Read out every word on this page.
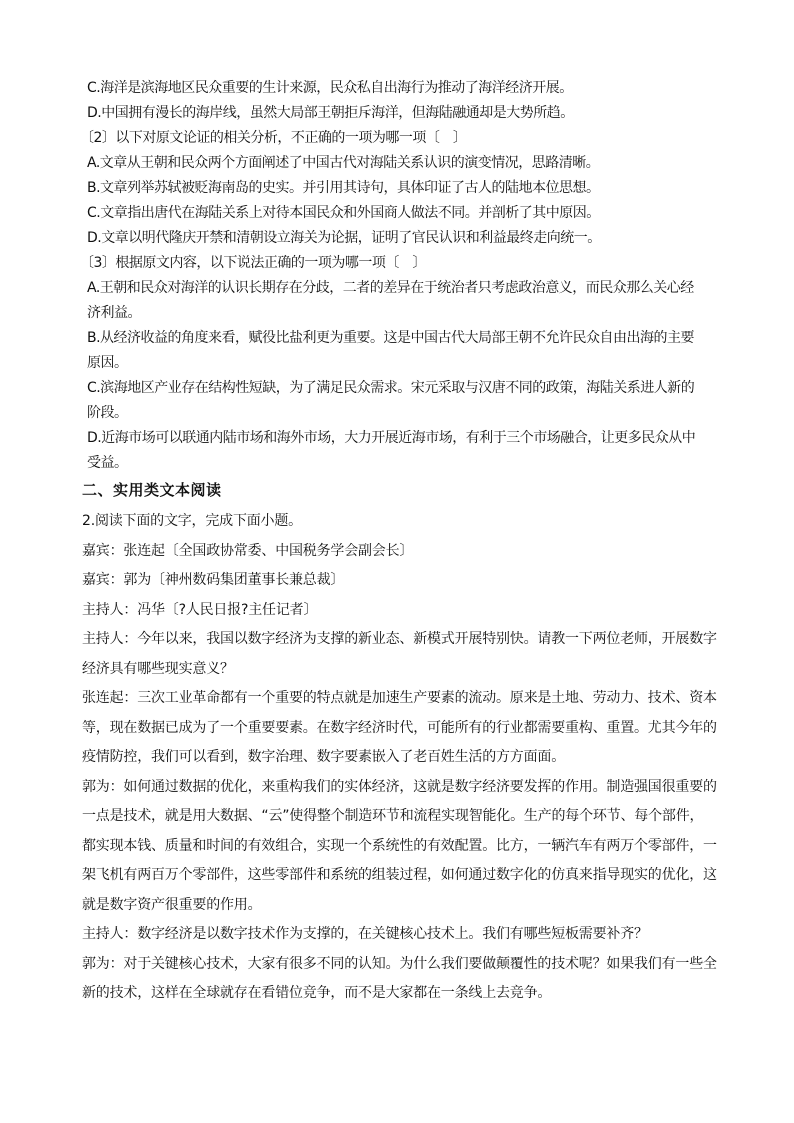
C.海洋是滨海地区民众重要的生计来源，民众私自出海行为推动了海洋经济开展。

D.中国拥有漫长的海岸线，虽然大局部王朝拒斥海洋，但海陆融通却是大势所趋。

〔2〕以下对原文论证的相关分析，不正确的一项为哪一项〔　〕

A.文章从王朝和民众两个方面阐述了中国古代对海陆关系认识的演变情况，思路清晰。

B.文章列举苏轼被贬海南岛的史实。并引用其诗句，具体印证了古人的陆地本位思想。

C.文章指出唐代在海陆关系上对待本国民众和外国商人做法不同。并剖析了其中原因。

D.文章以明代隆庆开禁和清朝设立海关为论据，证明了官民认识和利益最终走向统一。

〔3〕根据原文内容，以下说法正确的一项为哪一项〔　〕

A.王朝和民众对海洋的认识长期存在分歧，二者的差异在于统治者只考虑政治意义，而民众那么关心经

济利益。

B.从经济收益的角度来看，赋役比盐利更为重要。这是中国古代大局部王朝不允许民众自由出海的主要

原因。

C.滨海地区产业存在结构性短缺，为了满足民众需求。宋元采取与汉唐不同的政策，海陆关系进人新的

阶段。

D.近海市场可以联通内陆市场和海外市场，大力开展近海市场，有利于三个市场融合，让更多民众从中

受益。

二、实用类文本阅读

2.阅读下面的文字，完成下面小题。

嘉宾：张连起〔全国政协常委、中国税务学会副会长〕

嘉宾：郭为〔神州数码集团董事长兼总裁〕

主持人：冯华〔?人民日报?主任记者〕

主持人：今年以来，我国以数字经济为支撑的新业态、新模式开展特别快。请教一下两位老师，开展数字

经济具有哪些现实意义？

张连起：三次工业革命都有一个重要的特点就是加速生产要素的流动。原来是土地、劳动力、技术、资本

等，现在数据已成为了一个重要要素。在数字经济时代，可能所有的行业都需要重构、重置。尤其今年的

疫情防控，我们可以看到，数字治理、数字要素嵌入了老百姓生活的方方面面。

郭为：如何通过数据的优化，来重构我们的实体经济，这就是数字经济要发挥的作用。制造强国很重要的

一点是技术，就是用大数据、“云”使得整个制造环节和流程实现智能化。生产的每个环节、每个部件，

都实现本钱、质量和时间的有效组合，实现一个系统性的有效配置。比方，一辆汽车有两万个零部件，一

架飞机有两百万个零部件，这些零部件和系统的组装过程，如何通过数字化的仿真来指导现实的优化，这

就是数字资产很重要的作用。

主持人：数字经济是以数字技术作为支撑的，在关键核心技术上。我们有哪些短板需要补齐？

郭为：对于关键核心技术，大家有很多不同的认知。为什么我们要做颠覆性的技术呢？如果我们有一些全

新的技术，这样在全球就存在看错位竞争，而不是大家都在一条线上去竞争。
